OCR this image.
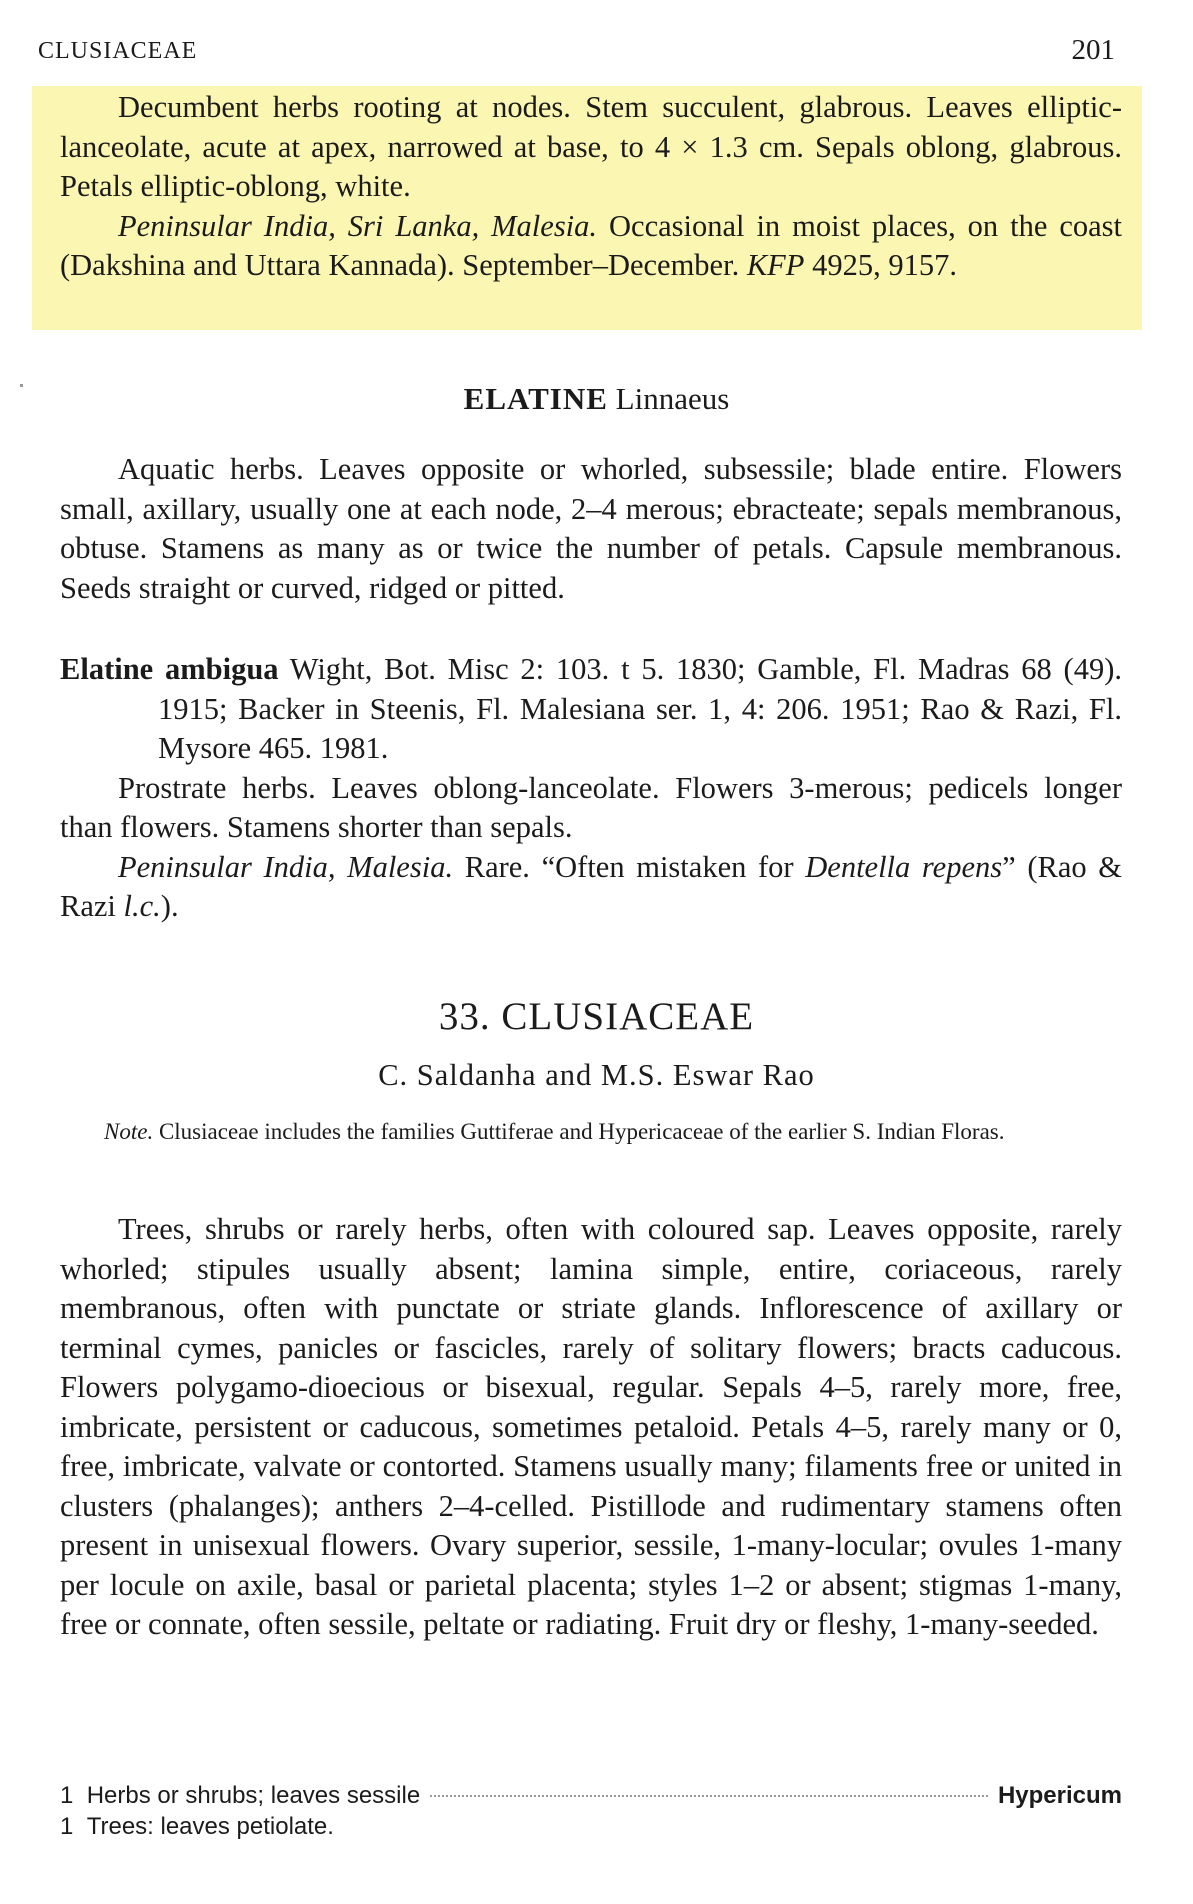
CLUSIACEAE	201

Decumbent herbs rooting at nodes. Stem succulent, glabrous. Leaves elliptic-lanceolate, acute at apex, narrowed at base, to 4 × 1.3 cm. Sepals oblong, glabrous. Petals elliptic-oblong, white.

Peninsular India, Sri Lanka, Malesia. Occasional in moist places, on the coast (Dakshina and Uttara Kannada). September–December. KFP 4925, 9157.

ELATINE Linnaeus

Aquatic herbs. Leaves opposite or whorled, subsessile; blade entire. Flowers small, axillary, usually one at each node, 2–4 merous; ebracteate; sepals membranous, obtuse. Stamens as many as or twice the number of petals. Capsule membranous. Seeds straight or curved, ridged or pitted.

Elatine ambigua Wight, Bot. Misc 2: 103. t 5. 1830; Gamble, Fl. Madras 68 (49). 1915; Backer in Steenis, Fl. Malesiana ser. 1, 4: 206. 1951; Rao & Razi, Fl. Mysore 465. 1981.

Prostrate herbs. Leaves oblong-lanceolate. Flowers 3-merous; pedicels longer than flowers. Stamens shorter than sepals.

Peninsular India, Malesia. Rare. “Often mistaken for Dentella repens” (Rao & Razi l.c.).

33. CLUSIACEAE
C. Saldanha and M.S. Eswar Rao
Note. Clusiaceae includes the families Guttiferae and Hypericaceae of the earlier S. Indian Floras.

Trees, shrubs or rarely herbs, often with coloured sap. Leaves opposite, rarely whorled; stipules usually absent; lamina simple, entire, coriaceous, rarely membranous, often with punctate or striate glands. Inflorescence of axillary or terminal cymes, panicles or fascicles, rarely of solitary flowers; bracts caducous. Flowers polygamo-dioecious or bisexual, regular. Sepals 4–5, rarely more, free, imbricate, persistent or caducous, sometimes petaloid. Petals 4–5, rarely many or 0, free, imbricate, valvate or contorted. Stamens usually many; filaments free or united in clusters (phalanges); anthers 2–4-celled. Pistillode and rudimentary stamens often present in unisexual flowers. Ovary superior, sessile, 1-many-locular; ovules 1-many per locule on axile, basal or parietal placenta; styles 1–2 or absent; stigmas 1-many, free or connate, often sessile, peltate or radiating. Fruit dry or fleshy, 1-many-seeded.

1
Herbs or shrubs; leaves sessile	Hypericum
1
Trees: leaves petiolate.
